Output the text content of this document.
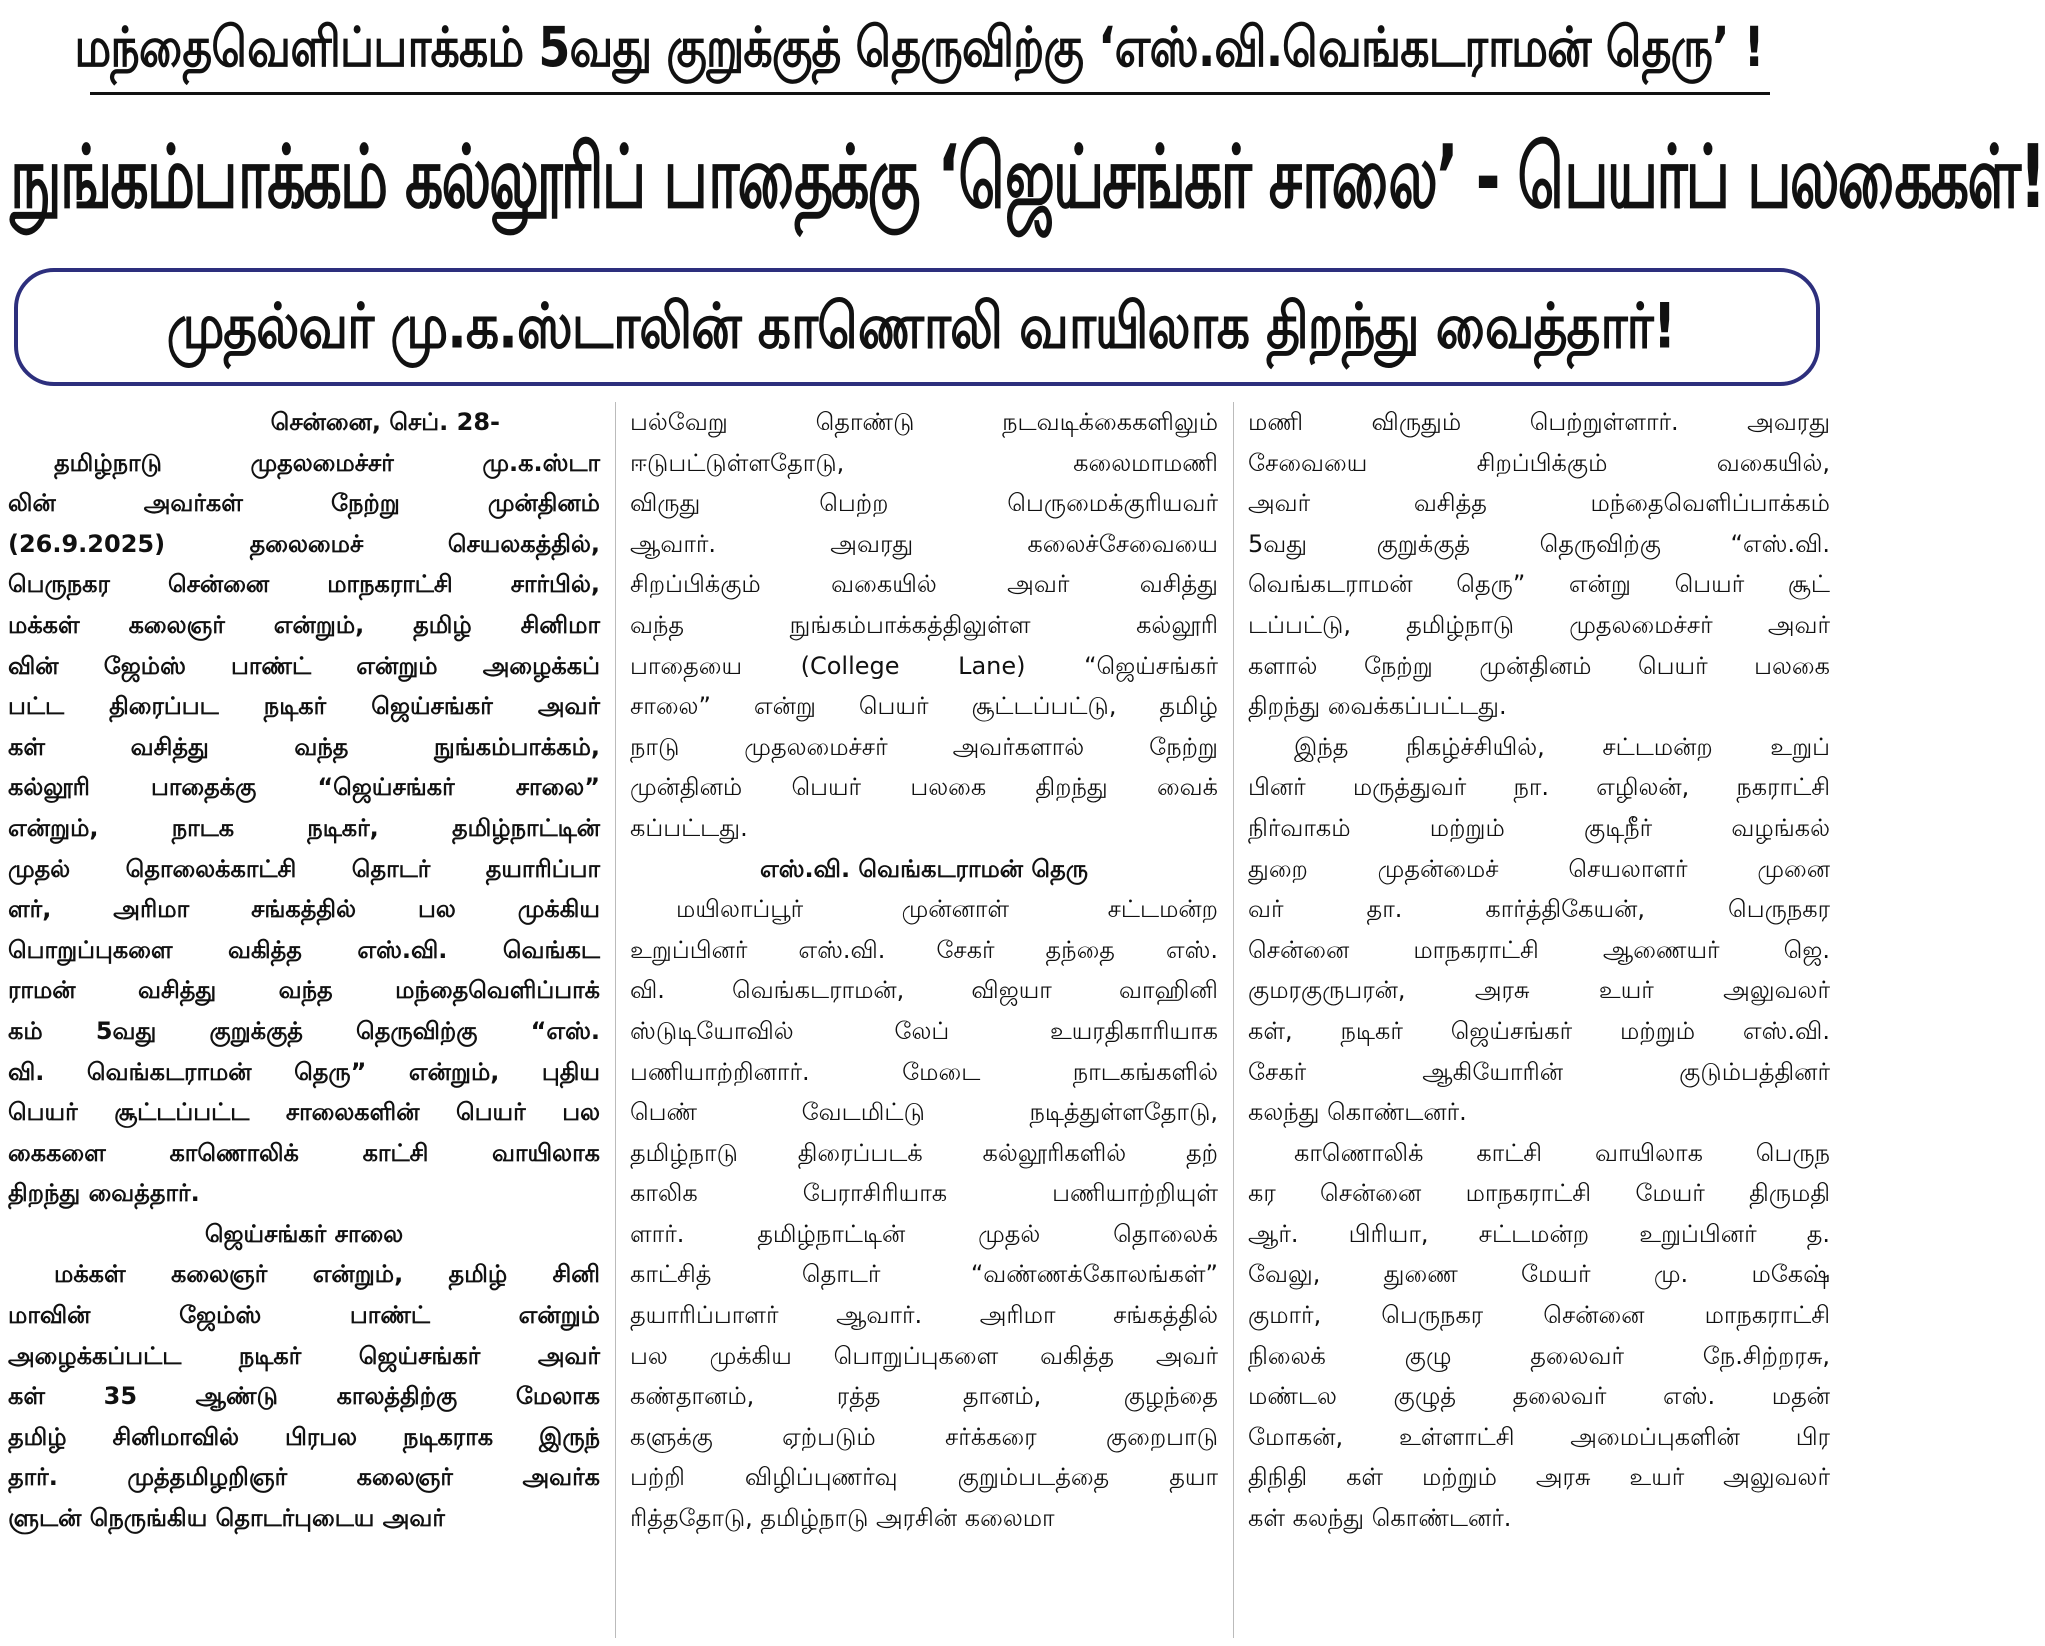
மந்தைவெளிப்பாக்கம் 5வது குறுக்குத் தெருவிற்கு ‘எஸ்.வி.வெங்கடராமன் தெரு’ !
நுங்கம்பாக்கம் கல்லூரிப் பாதைக்கு ‘ஜெய்சங்கர் சாலை’ - பெயர்ப் பலகைகள்!
முதல்வர் மு.க.ஸ்டாலின் காணொலி வாயிலாக திறந்து வைத்தார்!
சென்னை, செப். 28-
தமிழ்நாடு முதலமைச்சர் மு.க.ஸ்டா
லின் அவர்கள் நேற்று முன்தினம்
(26.9.2025) தலைமைச் செயலகத்தில்,
பெருநகர சென்னை மாநகராட்சி சார்பில்,
மக்கள் கலைஞர் என்றும், தமிழ் சினிமா
வின் ஜேம்ஸ் பாண்ட் என்றும் அழைக்கப்
பட்ட திரைப்பட நடிகர் ஜெய்சங்கர் அவர்
கள் வசித்து வந்த நுங்கம்பாக்கம்,
கல்லூரி பாதைக்கு “ஜெய்சங்கர் சாலை”
என்றும், நாடக நடிகர், தமிழ்நாட்டின்
முதல் தொலைக்காட்சி தொடர் தயாரிப்பா
ளர், அரிமா சங்கத்தில் பல முக்கிய
பொறுப்புகளை வகித்த எஸ்.வி. வெங்கட
ராமன் வசித்து வந்த மந்தைவெளிப்பாக்
கம் 5வது குறுக்குத் தெருவிற்கு “எஸ்.
வி. வெங்கடராமன் தெரு” என்றும், புதிய
பெயர் சூட்டப்பட்ட சாலைகளின் பெயர் பல
கைகளை காணொலிக் காட்சி வாயிலாக
திறந்து வைத்தார்.
ஜெய்சங்கர் சாலை
மக்கள் கலைஞர் என்றும், தமிழ் சினி
மாவின் ஜேம்ஸ் பாண்ட் என்றும்
அழைக்கப்பட்ட நடிகர் ஜெய்சங்கர் அவர்
கள் 35 ஆண்டு காலத்திற்கு மேலாக
தமிழ் சினிமாவில் பிரபல நடிகராக இருந்
தார். முத்தமிழறிஞர் கலைஞர் அவர்க
ளுடன் நெருங்கிய தொடர்புடைய அவர்
பல்வேறு தொண்டு நடவடிக்கைகளிலும்
ஈடுபட்டுள்ளதோடு, கலைமாமணி
விருது பெற்ற பெருமைக்குரியவர்
ஆவார். அவரது கலைச்சேவையை
சிறப்பிக்கும் வகையில் அவர் வசித்து
வந்த நுங்கம்பாக்கத்திலுள்ள கல்லூரி
பாதையை (College Lane) “ஜெய்சங்கர்
சாலை” என்று பெயர் சூட்டப்பட்டு, தமிழ்
நாடு முதலமைச்சர் அவர்களால் நேற்று
முன்தினம் பெயர் பலகை திறந்து வைக்
கப்பட்டது.
எஸ்.வி. வெங்கடராமன் தெரு
மயிலாப்பூர் முன்னாள் சட்டமன்ற
உறுப்பினர் எஸ்.வி. சேகர் தந்தை எஸ்.
வி. வெங்கடராமன், விஜயா வாஹினி
ஸ்டுடியோவில் லேப் உயரதிகாரியாக
பணியாற்றினார். மேடை நாடகங்களில்
பெண் வேடமிட்டு நடித்துள்ளதோடு,
தமிழ்நாடு திரைப்படக் கல்லூரிகளில் தற்
காலிக பேராசிரியாக பணியாற்றியுள்
ளார். தமிழ்நாட்டின் முதல் தொலைக்
காட்சித் தொடர் “வண்ணக்கோலங்கள்”
தயாரிப்பாளர் ஆவார். அரிமா சங்கத்தில்
பல முக்கிய பொறுப்புகளை வகித்த அவர்
கண்தானம், ரத்த தானம், குழந்தை
களுக்கு ஏற்படும் சர்க்கரை குறைபாடு
பற்றி விழிப்புணர்வு குறும்படத்தை தயா
ரித்ததோடு, தமிழ்நாடு அரசின் கலைமா
மணி விருதும் பெற்றுள்ளார். அவரது
சேவையை சிறப்பிக்கும் வகையில்,
அவர் வசித்த மந்தைவெளிப்பாக்கம்
5வது குறுக்குத் தெருவிற்கு “எஸ்.வி.
வெங்கடராமன் தெரு” என்று பெயர் சூட்
டப்பட்டு, தமிழ்நாடு முதலமைச்சர் அவர்
களால் நேற்று முன்தினம் பெயர் பலகை
திறந்து வைக்கப்பட்டது.
இந்த நிகழ்ச்சியில், சட்டமன்ற உறுப்
பினர் மருத்துவர் நா. எழிலன், நகராட்சி
நிர்வாகம் மற்றும் குடிநீர் வழங்கல்
துறை முதன்மைச் செயலாளர் முனை
வர் தா. கார்த்திகேயன், பெருநகர
சென்னை மாநகராட்சி ஆணையர் ஜெ.
குமரகுருபரன், அரசு உயர் அலுவலர்
கள், நடிகர் ஜெய்சங்கர் மற்றும் எஸ்.வி.
சேகர் ஆகியோரின் குடும்பத்தினர்
கலந்து கொண்டனர்.
காணொலிக் காட்சி வாயிலாக பெருந
கர சென்னை மாநகராட்சி மேயர் திருமதி
ஆர். பிரியா, சட்டமன்ற உறுப்பினர் த.
வேலு, துணை மேயர் மு. மகேஷ்
குமார், பெருநகர சென்னை மாநகராட்சி
நிலைக் குழு தலைவர் நே.சிற்றரசு,
மண்டல குழுத் தலைவர் எஸ். மதன்
மோகன், உள்ளாட்சி அமைப்புகளின் பிர
திநிதி கள் மற்றும் அரசு உயர் அலுவலர்
கள் கலந்து கொண்டனர்.
